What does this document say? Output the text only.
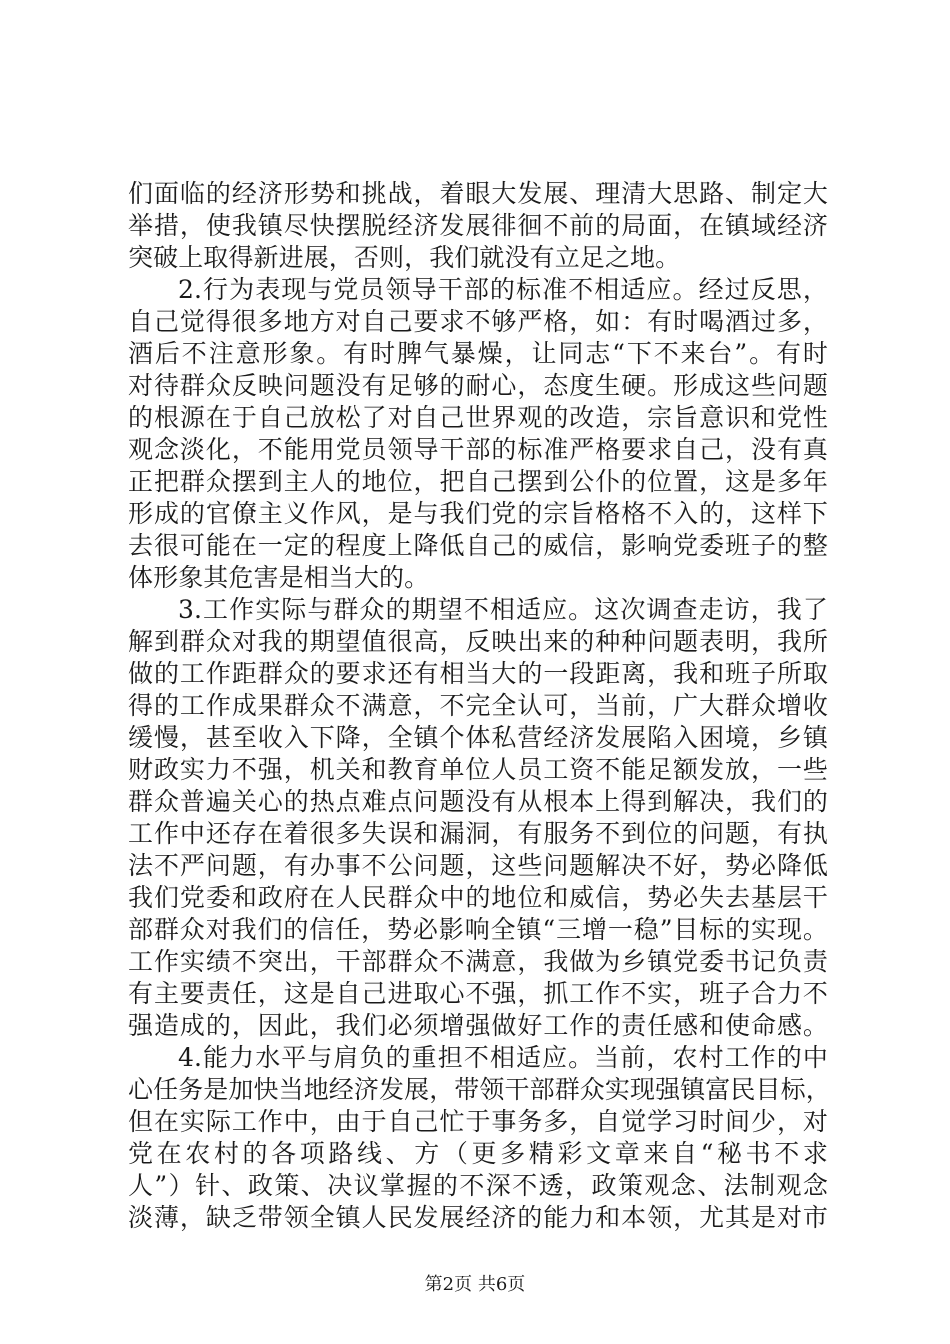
们面临的经济形势和挑战，着眼大发展、理清大思路、制定大
举措，使我镇尽快摆脱经济发展徘徊不前的局面，在镇域经济
突破上取得新进展，否则，我们就没有立足之地。
2.行为表现与党员领导干部的标准不相适应。经过反思，
自己觉得很多地方对自己要求不够严格，如：有时喝酒过多，
酒后不注意形象。有时脾气暴燥，让同志“下不来台”。有时
对待群众反映问题没有足够的耐心，态度生硬。形成这些问题
的根源在于自己放松了对自己世界观的改造，宗旨意识和党性
观念淡化，不能用党员领导干部的标准严格要求自己，没有真
正把群众摆到主人的地位，把自己摆到公仆的位置，这是多年
形成的官僚主义作风，是与我们党的宗旨格格不入的，这样下
去很可能在一定的程度上降低自己的威信，影响党委班子的整
体形象其危害是相当大的。
3.工作实际与群众的期望不相适应。这次调查走访，我了
解到群众对我的期望值很高，反映出来的种种问题表明，我所
做的工作距群众的要求还有相当大的一段距离，我和班子所取
得的工作成果群众不满意，不完全认可，当前，广大群众增收
缓慢，甚至收入下降，全镇个体私营经济发展陷入困境，乡镇
财政实力不强，机关和教育单位人员工资不能足额发放，一些
群众普遍关心的热点难点问题没有从根本上得到解决，我们的
工作中还存在着很多失误和漏洞，有服务不到位的问题，有执
法不严问题，有办事不公问题，这些问题解决不好，势必降低
我们党委和政府在人民群众中的地位和威信，势必失去基层干
部群众对我们的信任，势必影响全镇“三增一稳”目标的实现。
工作实绩不突出，干部群众不满意，我做为乡镇党委书记负责
有主要责任，这是自己进取心不强，抓工作不实，班子合力不
强造成的，因此，我们必须增强做好工作的责任感和使命感。
4.能力水平与肩负的重担不相适应。当前，农村工作的中
心任务是加快当地经济发展，带领干部群众实现强镇富民目标，
但在实际工作中，由于自己忙于事务多，自觉学习时间少，对
党在农村的各项路线、方（更多精彩文章来自“秘书不求
人”）针、政策、决议掌握的不深不透，政策观念、法制观念
淡薄，缺乏带领全镇人民发展经济的能力和本领，尤其是对市
第2页 共6页
